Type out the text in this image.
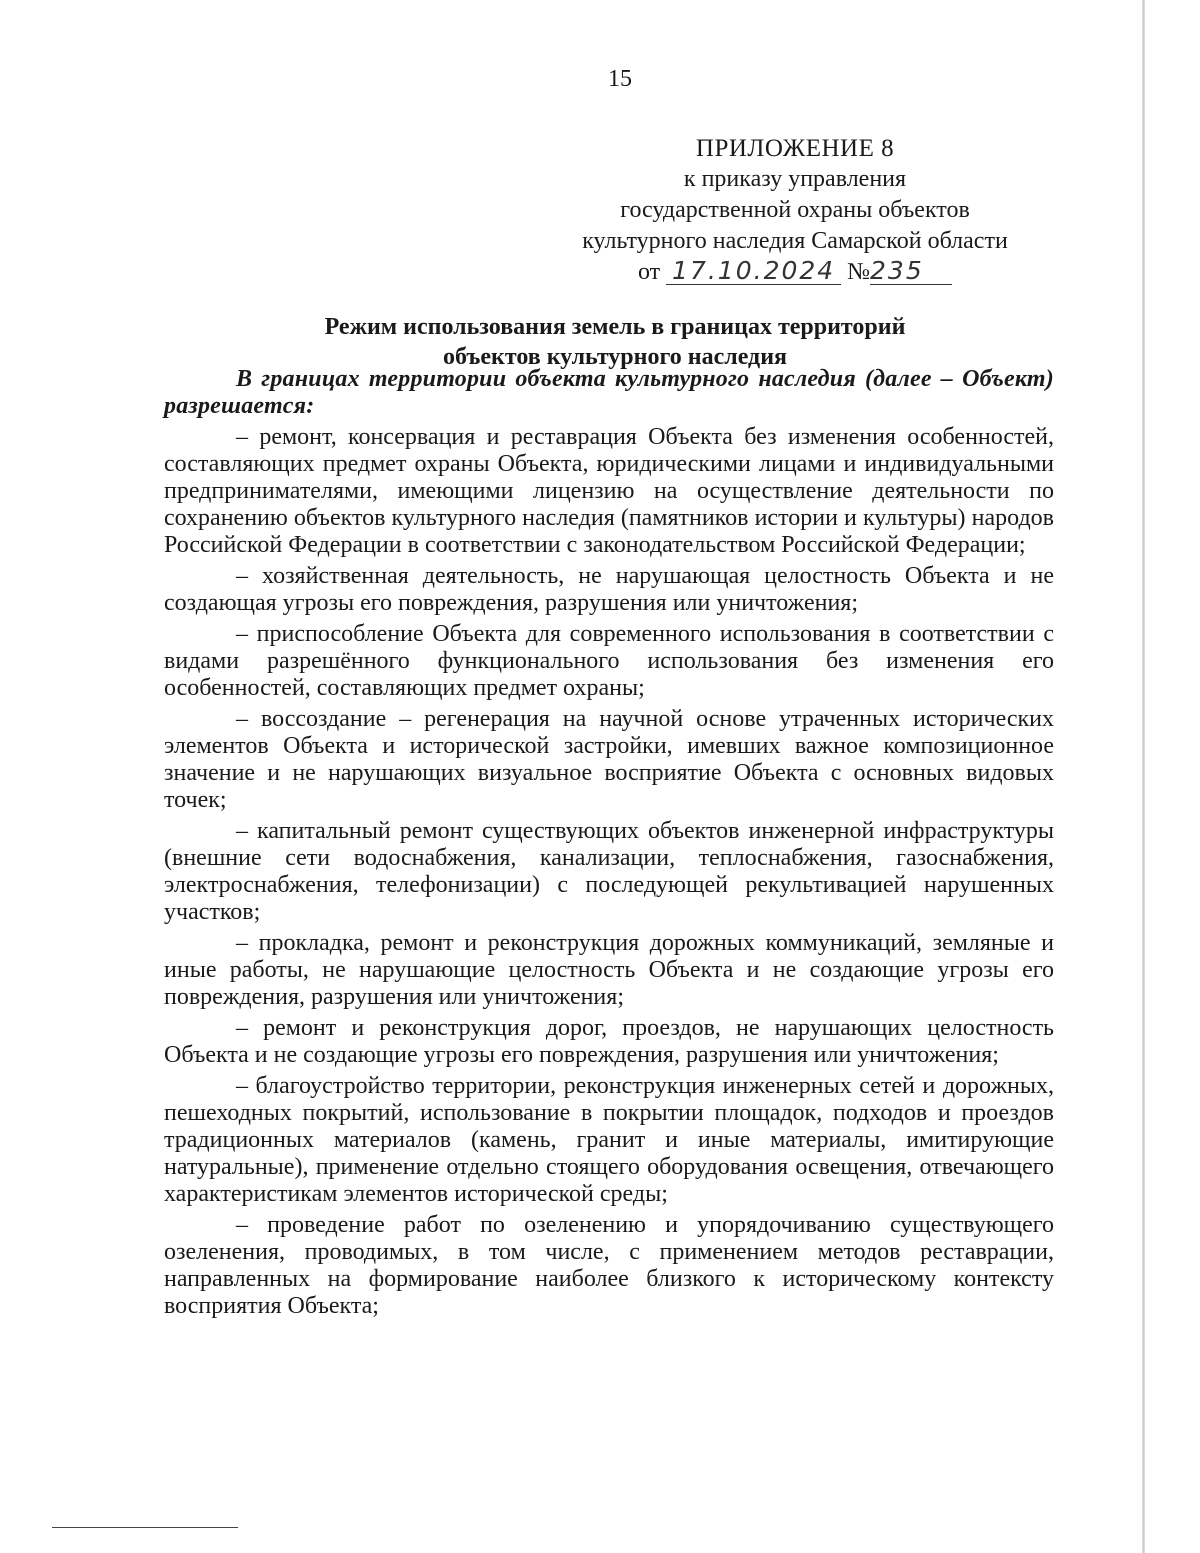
15
ПРИЛОЖЕНИЕ 8
к приказу управления
государственной охраны объектов
культурного наследия Самарской области
от 17.10.2024 №235
Режим использования земель в границах территорий
объектов культурного наследия

В границах территории объекта культурного наследия (далее – Объект) разрешается:

– ремонт, консервация и реставрация Объекта без изменения особенностей, составляющих предмет охраны Объекта, юридическими лицами и индивидуальными предпринимателями, имеющими лицензию на осуществление деятельности по сохранению объектов культурного наследия (памятников истории и культуры) народов Российской Федерации в соответствии с законодательством Российской Федерации;

– хозяйственная деятельность, не нарушающая целостность Объекта и не создающая угрозы его повреждения, разрушения или уничтожения;

– приспособление Объекта для современного использования в соответствии с видами разрешённого функционального использования без изменения его особенностей, составляющих предмет охраны;

– воссоздание – регенерация на научной основе утраченных исторических элементов Объекта и исторической застройки, имевших важное композиционное значение и не нарушающих визуальное восприятие Объекта с основных видовых точек;

– капитальный ремонт существующих объектов инженерной инфраструктуры (внешние сети водоснабжения, канализации, теплоснабжения, газоснабжения, электроснабжения, телефонизации) с последующей рекультивацией нарушенных участков;

– прокладка, ремонт и реконструкция дорожных коммуникаций, земляные и иные работы, не нарушающие целостность Объекта и не создающие угрозы его повреждения, разрушения или уничтожения;

– ремонт и реконструкция дорог, проездов, не нарушающих целостность Объекта и не создающие угрозы его повреждения, разрушения или уничтожения;

– благоустройство территории, реконструкция инженерных сетей и дорожных, пешеходных покрытий, использование в покрытии площадок, подходов и проездов традиционных материалов (камень, гранит и иные материалы, имитирующие натуральные), применение отдельно стоящего оборудования освещения, отвечающего характеристикам элементов исторической среды;

– проведение работ по озеленению и упорядочиванию существующего озеленения, проводимых, в том числе, с применением методов реставрации, направленных на формирование наиболее близкого к историческому контексту восприятия Объекта;
